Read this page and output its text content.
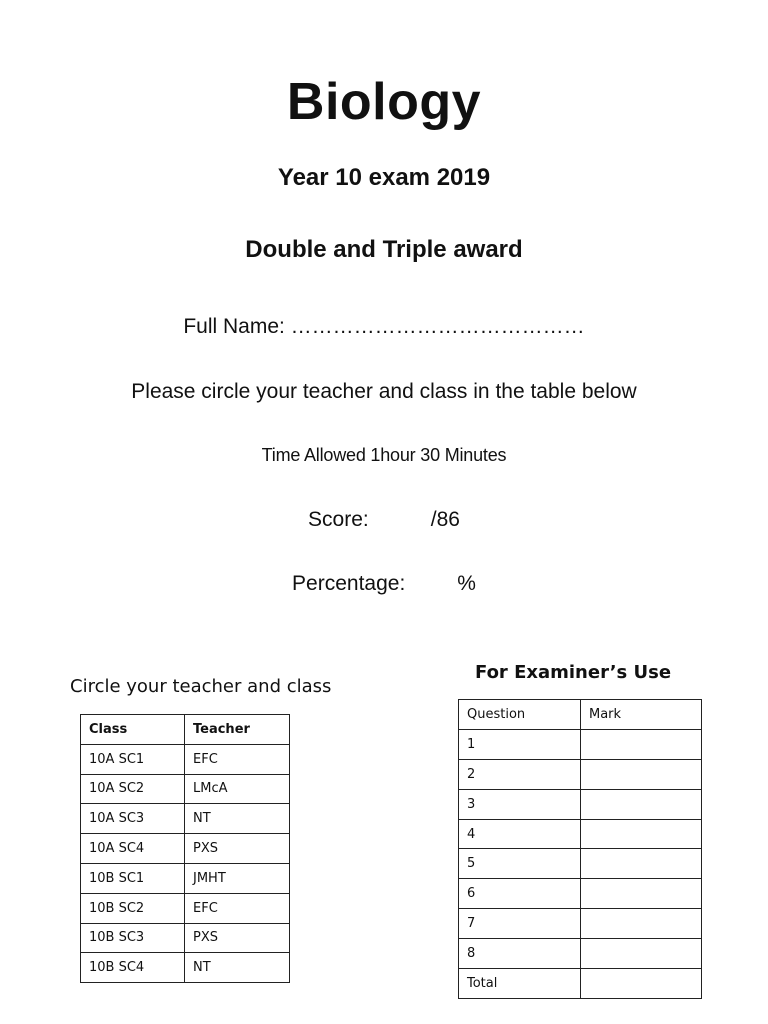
Biology
Year 10 exam 2019
Double and Triple award
Full Name: ……………………………………
Please circle your teacher and class in the table below
Time Allowed 1hour 30 Minutes
Score:	/86
Percentage: %
Circle your teacher and class
For Examiner’s Use
Class	Teacher
10A SC1	EFC
10A SC2	LMcA
10A SC3	NT
10A SC4	PXS
10B SC1	JMHT
10B SC2	EFC
10B SC3	PXS
10B SC4	NT
Question	Mark
1	
2	
3	
4	
5	
6	
7	
8	
Total	
